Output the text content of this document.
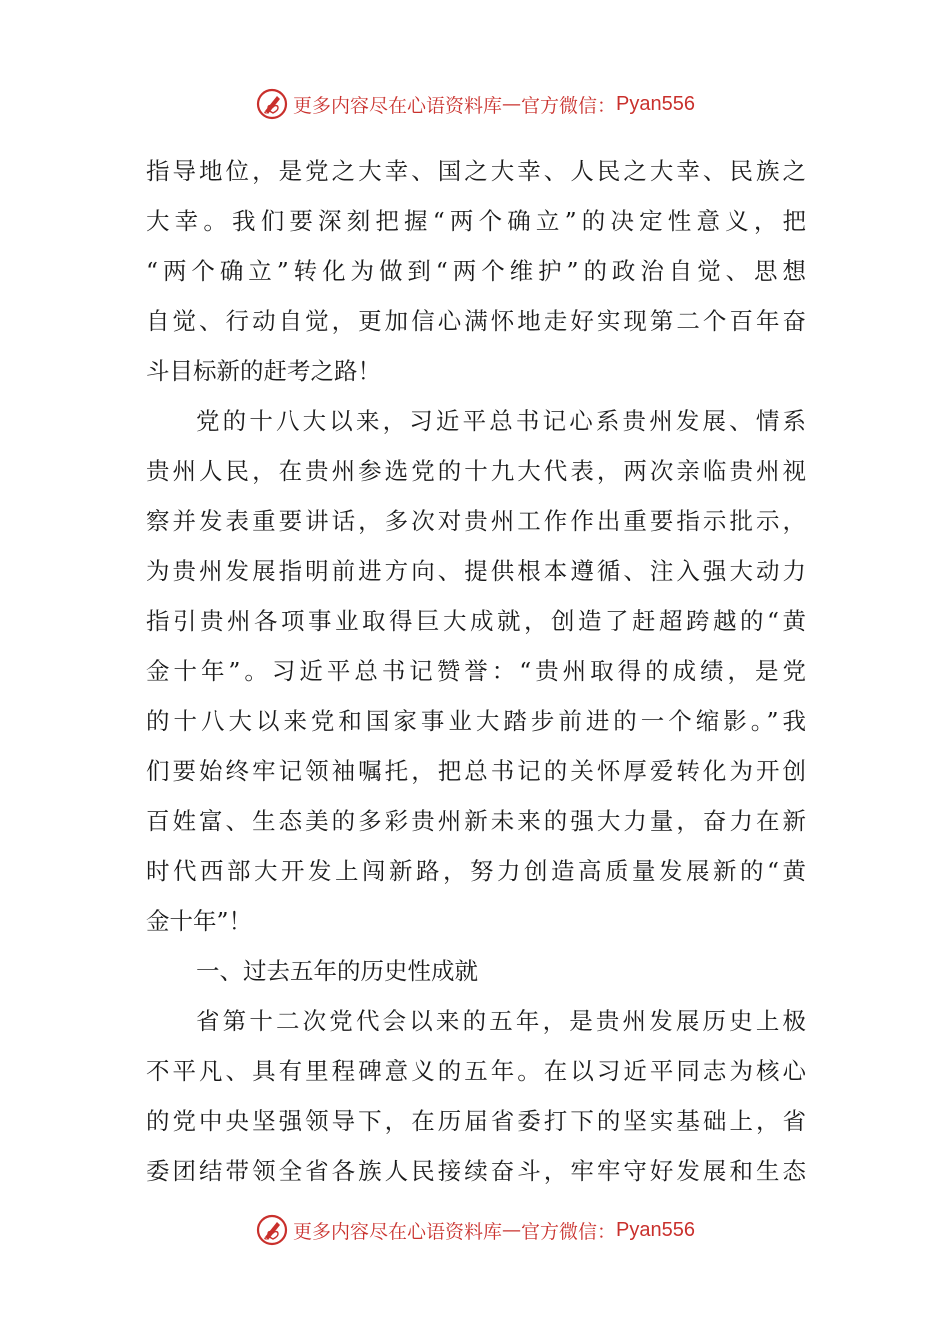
更多内容尽在心语资料库 — 官方微信： Pyan556
指导地位，是党之大幸、国之大幸、人民之大幸、民族之
大幸。我们要深刻把握“两个确立”的决定性意义，把
“两个确立”转化为做到“两个维护”的政治自觉、思想
自觉、行动自觉，更加信心满怀地走好实现第二个百年奋
斗目标新的赶考之路！
党的十八大以来，习近平总书记心系贵州发展、情系
贵州人民，在贵州参选党的十九大代表，两次亲临贵州视
察并发表重要讲话，多次对贵州工作作出重要指示批示，
为贵州发展指明前进方向、提供根本遵循、注入强大动力
指引贵州各项事业取得巨大成就，创造了赶超跨越的“黄
金十年”。习近平总书记赞誉：“贵州取得的成绩，是党
的十八大以来党和国家事业大踏步前进的一个缩影。”我
们要始终牢记领袖嘱托，把总书记的关怀厚爱转化为开创
百姓富、生态美的多彩贵州新未来的强大力量，奋力在新
时代西部大开发上闯新路，努力创造高质量发展新的“黄
金十年”！
一、过去五年的历史性成就
省第十二次党代会以来的五年，是贵州发展历史上极
不平凡、具有里程碑意义的五年。在以习近平同志为核心
的党中央坚强领导下，在历届省委打下的坚实基础上，省
委团结带领全省各族人民接续奋斗，牢牢守好发展和生态
更多内容尽在心语资料库 — 官方微信： Pyan556
